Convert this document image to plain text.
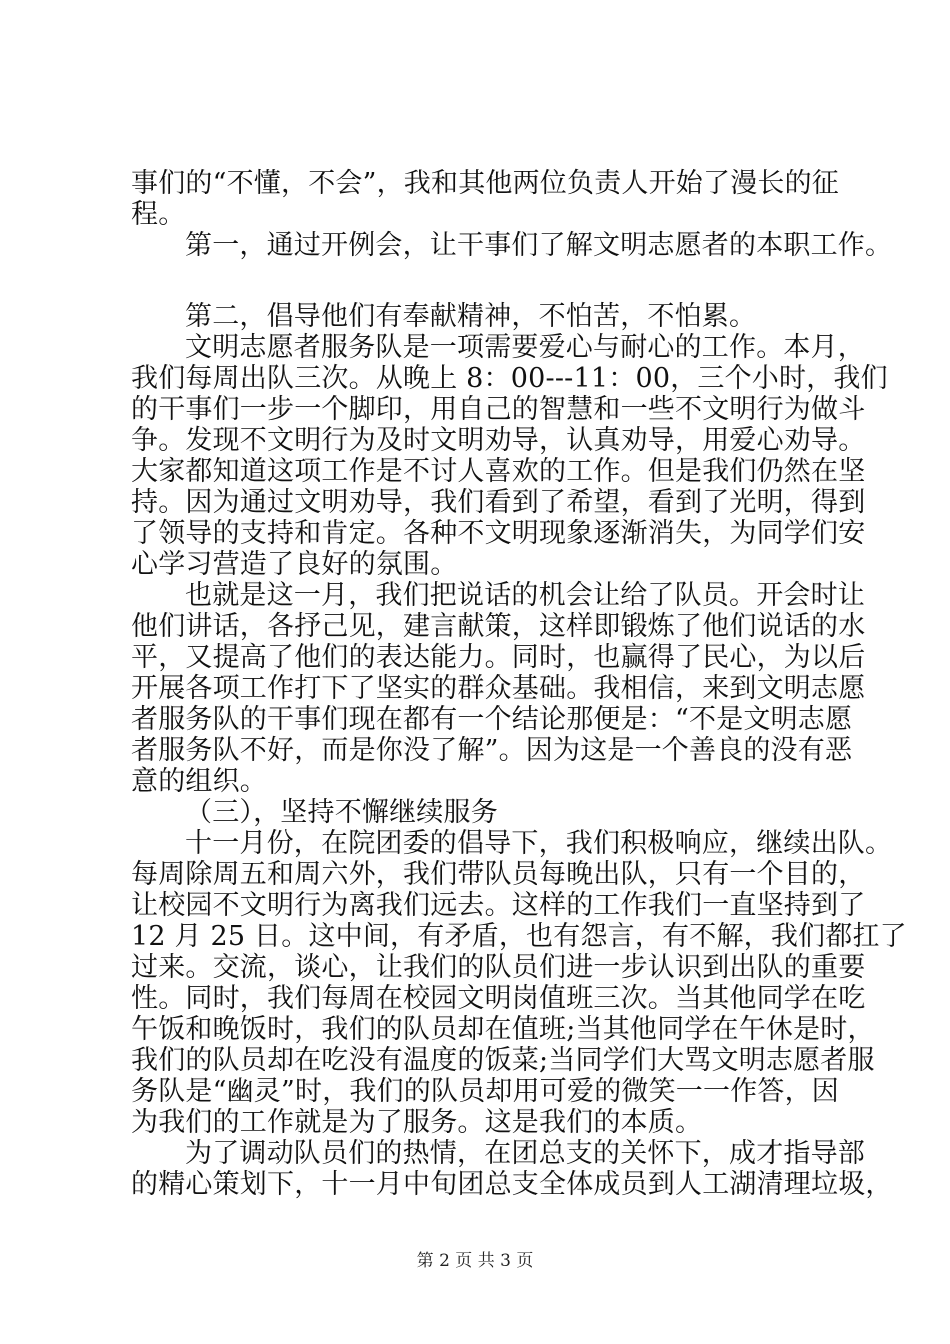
事们的“不懂，不会”，我和其他两位负责人开始了漫长的征
程。
第一，通过开例会，让干事们了解文明志愿者的本职工作。
第二，倡导他们有奉献精神，不怕苦，不怕累。
文明志愿者服务队是一项需要爱心与耐心的工作。本月，
我们每周出队三次。从晚上 8：00---11：00，三个小时，我们
的干事们一步一个脚印，用自己的智慧和一些不文明行为做斗
争。发现不文明行为及时文明劝导，认真劝导，用爱心劝导。
大家都知道这项工作是不讨人喜欢的工作。但是我们仍然在坚
持。因为通过文明劝导，我们看到了希望，看到了光明，得到
了领导的支持和肯定。各种不文明现象逐渐消失，为同学们安
心学习营造了良好的氛围。
也就是这一月，我们把说话的机会让给了队员。开会时让
他们讲话，各抒己见，建言献策，这样即锻炼了他们说话的水
平，又提高了他们的表达能力。同时，也赢得了民心，为以后
开展各项工作打下了坚实的群众基础。我相信，来到文明志愿
者服务队的干事们现在都有一个结论那便是：“不是文明志愿
者服务队不好，而是你没了解”。因为这是一个善良的没有恶
意的组织。
（三），坚持不懈继续服务
十一月份，在院团委的倡导下，我们积极响应，继续出队。
每周除周五和周六外，我们带队员每晚出队，只有一个目的，
让校园不文明行为离我们远去。这样的工作我们一直坚持到了
12 月 25 日。这中间，有矛盾，也有怨言，有不解，我们都扛了
过来。交流，谈心，让我们的队员们进一步认识到出队的重要
性。同时，我们每周在校园文明岗值班三次。当其他同学在吃
午饭和晚饭时，我们的队员却在值班;当其他同学在午休是时，
我们的队员却在吃没有温度的饭菜;当同学们大骂文明志愿者服
务队是“幽灵”时，我们的队员却用可爱的微笑一一作答，因
为我们的工作就是为了服务。这是我们的本质。
为了调动队员们的热情，在团总支的关怀下，成才指导部
的精心策划下，十一月中旬团总支全体成员到人工湖清理垃圾，
第 2 页 共 3 页
